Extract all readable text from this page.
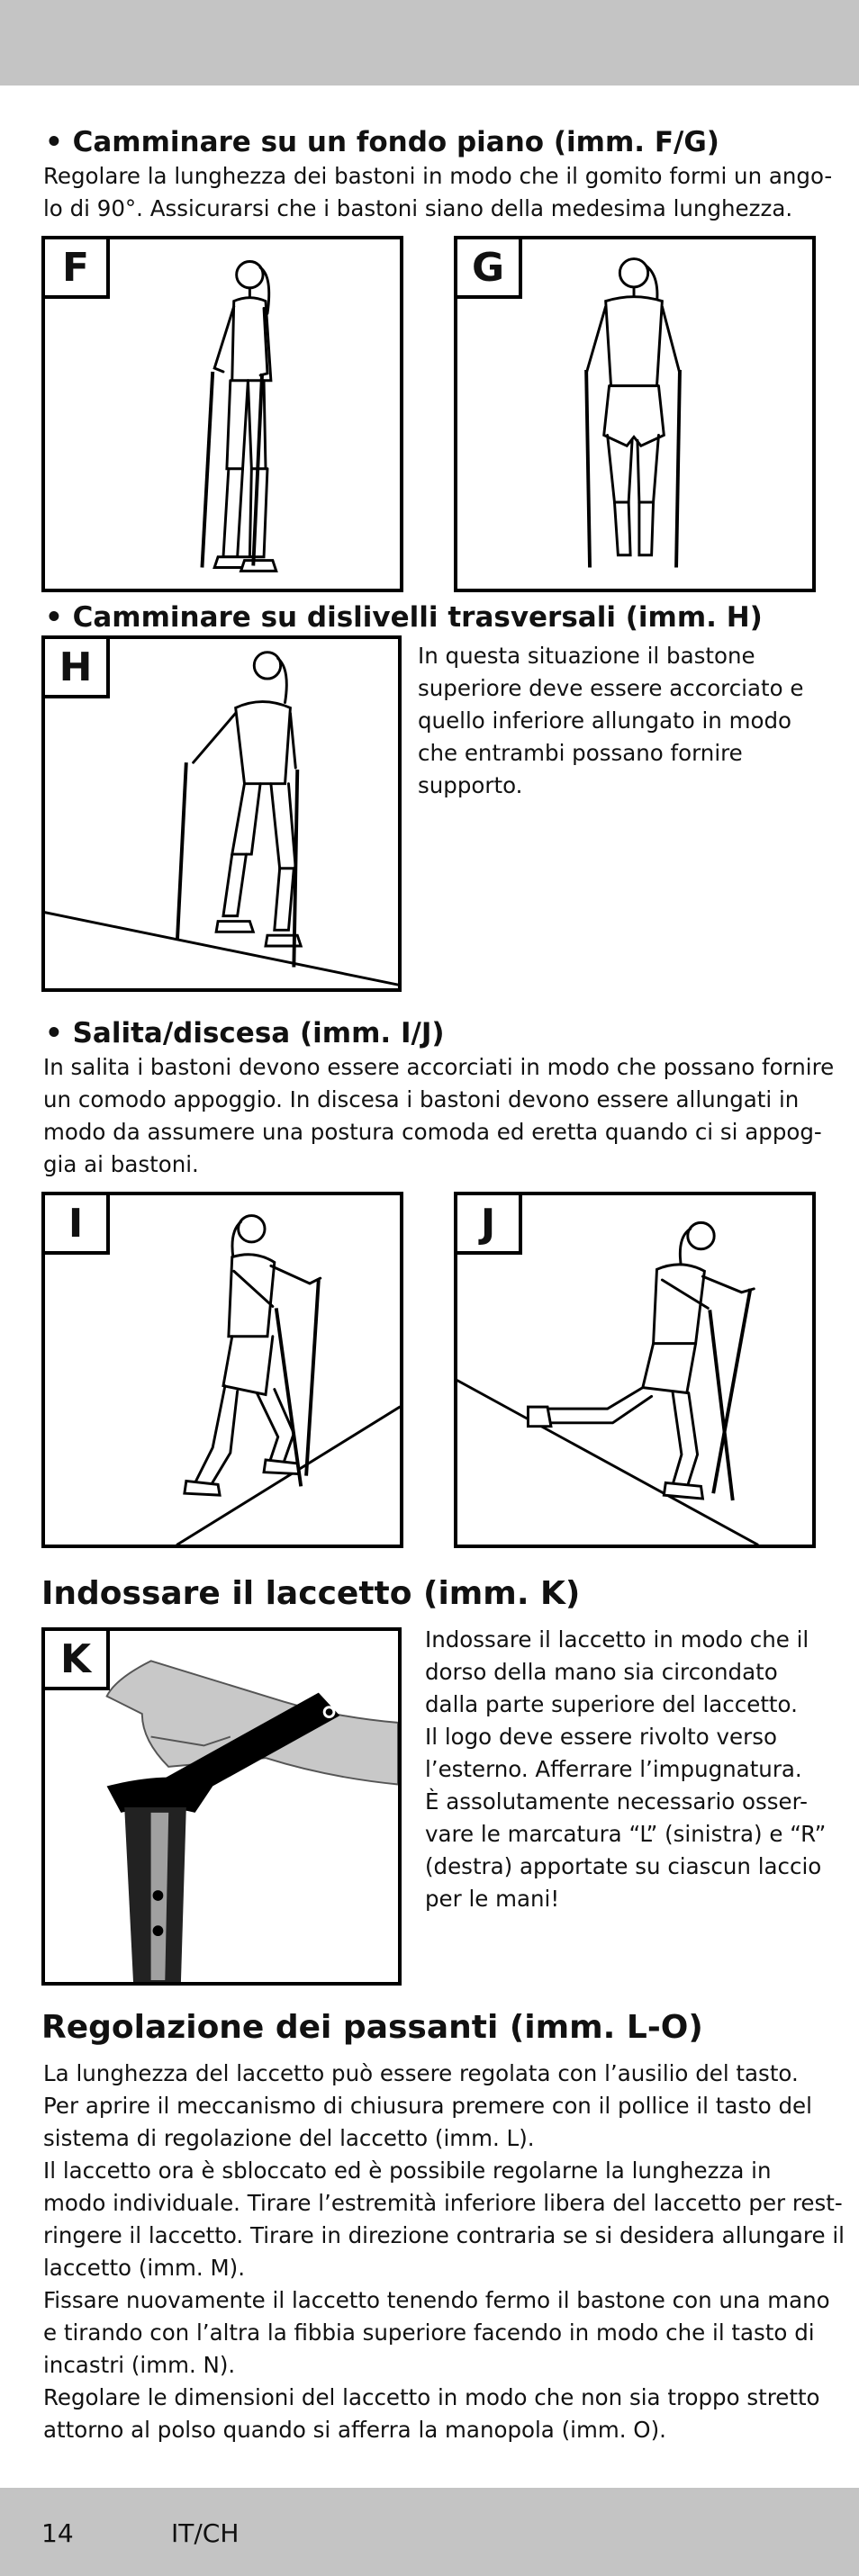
• Camminare su un fondo piano (imm. F/G)
Regolare la lunghezza dei bastoni in modo che il gomito formi un ango-
lo di 90°. Assicurarsi che i bastoni siano della medesima lunghezza.
F	G
• Camminare su dislivelli trasversali (imm. H)
H	In questa situazione il bastone
superiore deve essere accorciato e
quello inferiore allungato in modo
che entrambi possano fornire
supporto.
• Salita/discesa (imm. I/J)
In salita i bastoni devono essere accorciati in modo che possano fornire
un comodo appoggio. In discesa i bastoni devono essere allungati in
modo da assumere una postura comoda ed eretta quando ci si appog-
gia ai bastoni.
I	J
Indossare il laccetto (imm. K)
K	Indossare il laccetto in modo che il
dorso della mano sia circondato
dalla parte superiore del laccetto.
Il logo deve essere rivolto verso
l’esterno. Afferrare l’impugnatura.
È assolutamente necessario osser-
vare le marcatura “L” (sinistra) e “R”
(destra) apportate su ciascun laccio
per le mani!
Regolazione dei passanti (imm. L-O)
La lunghezza del laccetto può essere regolata con l’ausilio del tasto.
Per aprire il meccanismo di chiusura premere con il pollice il tasto del
sistema di regolazione del laccetto (imm. L).
Il laccetto ora è sbloccato ed è possibile regolarne la lunghezza in
modo individuale. Tirare l’estremità inferiore libera del laccetto per rest-
ringere il laccetto. Tirare in direzione contraria se si desidera allungare il
laccetto (imm. M).
Fissare nuovamente il laccetto tenendo fermo il bastone con una mano
e tirando con l’altra la fibbia superiore facendo in modo che il tasto di
incastri (imm. N).
Regolare le dimensioni del laccetto in modo che non sia troppo stretto
attorno al polso quando si afferra la manopola (imm. O).
14	IT/CH
